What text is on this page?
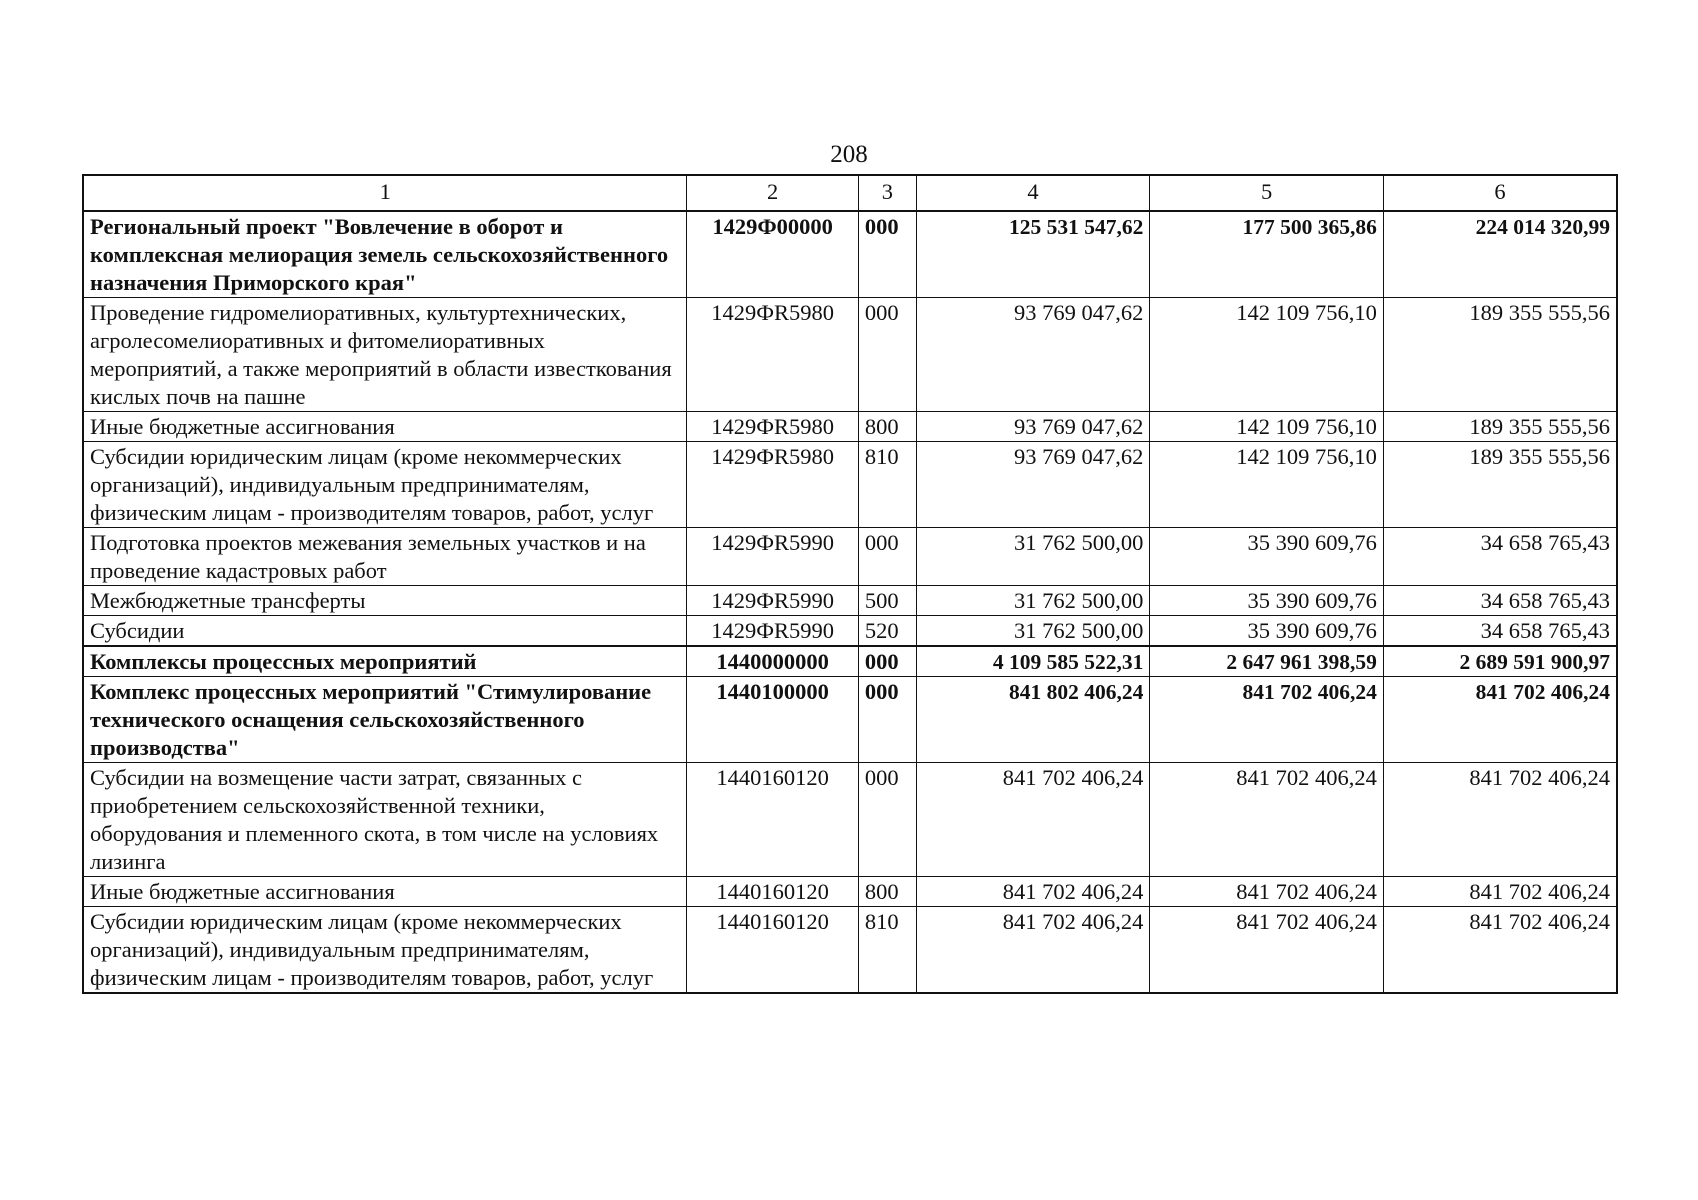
208
1	2	3	4	5	6
Региональный проект "Вовлечение в оборот и комплексная мелиорация земель сельскохозяйственного назначения Приморского края"	1429Ф00000	000	125 531 547,62	177 500 365,86	224 014 320,99
Проведение гидромелиоративных, культуртехнических, агролесомелиоративных и фитомелиоративных мероприятий, а также мероприятий в области известкования кислых почв на пашне	1429ФR5980	000	93 769 047,62	142 109 756,10	189 355 555,56
Иные бюджетные ассигнования	1429ФR5980	800	93 769 047,62	142 109 756,10	189 355 555,56
Субсидии юридическим лицам (кроме некоммерческих организаций), индивидуальным предпринимателям, физическим лицам - производителям товаров, работ, услуг	1429ФR5980	810	93 769 047,62	142 109 756,10	189 355 555,56
Подготовка проектов межевания земельных участков и на проведение кадастровых работ	1429ФR5990	000	31 762 500,00	35 390 609,76	34 658 765,43
Межбюджетные трансферты	1429ФR5990	500	31 762 500,00	35 390 609,76	34 658 765,43
Субсидии	1429ФR5990	520	31 762 500,00	35 390 609,76	34 658 765,43
Комплексы процессных мероприятий	1440000000	000	4 109 585 522,31	2 647 961 398,59	2 689 591 900,97
Комплекс процессных мероприятий "Стимулирование технического оснащения сельскохозяйственного производства"	1440100000	000	841 802 406,24	841 702 406,24	841 702 406,24
Субсидии на возмещение части затрат, связанных с приобретением сельскохозяйственной техники, оборудования и племенного скота, в том числе на условиях лизинга	1440160120	000	841 702 406,24	841 702 406,24	841 702 406,24
Иные бюджетные ассигнования	1440160120	800	841 702 406,24	841 702 406,24	841 702 406,24
Субсидии юридическим лицам (кроме некоммерческих организаций), индивидуальным предпринимателям, физическим лицам - производителям товаров, работ, услуг	1440160120	810	841 702 406,24	841 702 406,24	841 702 406,24
